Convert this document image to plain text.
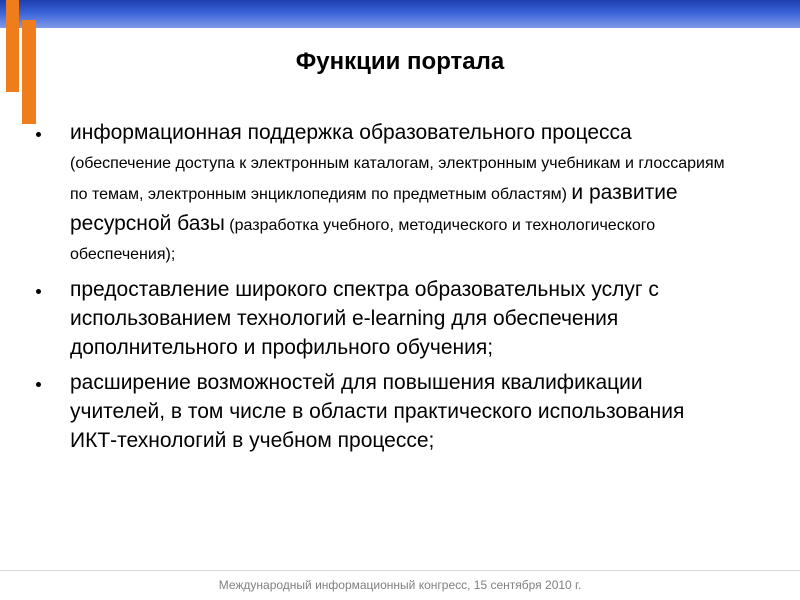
Функции портала
информационная поддержка образовательного процесса (обеспечение доступа к электронным каталогам, электронным учебникам и глоссариям по темам, электронным энциклопедиям по предметным областям) и развитие ресурсной базы (разработка учебного, методического и технологического обеспечения);
предоставление широкого спектра образовательных услуг с использованием технологий e-learning для обеспечения дополнительного и профильного обучения;
расширение возможностей для повышения квалификации учителей, в том числе в области практического использования ИКТ-технологий в учебном процессе;
Международный информационный конгресс, 15 сентября 2010 г.
